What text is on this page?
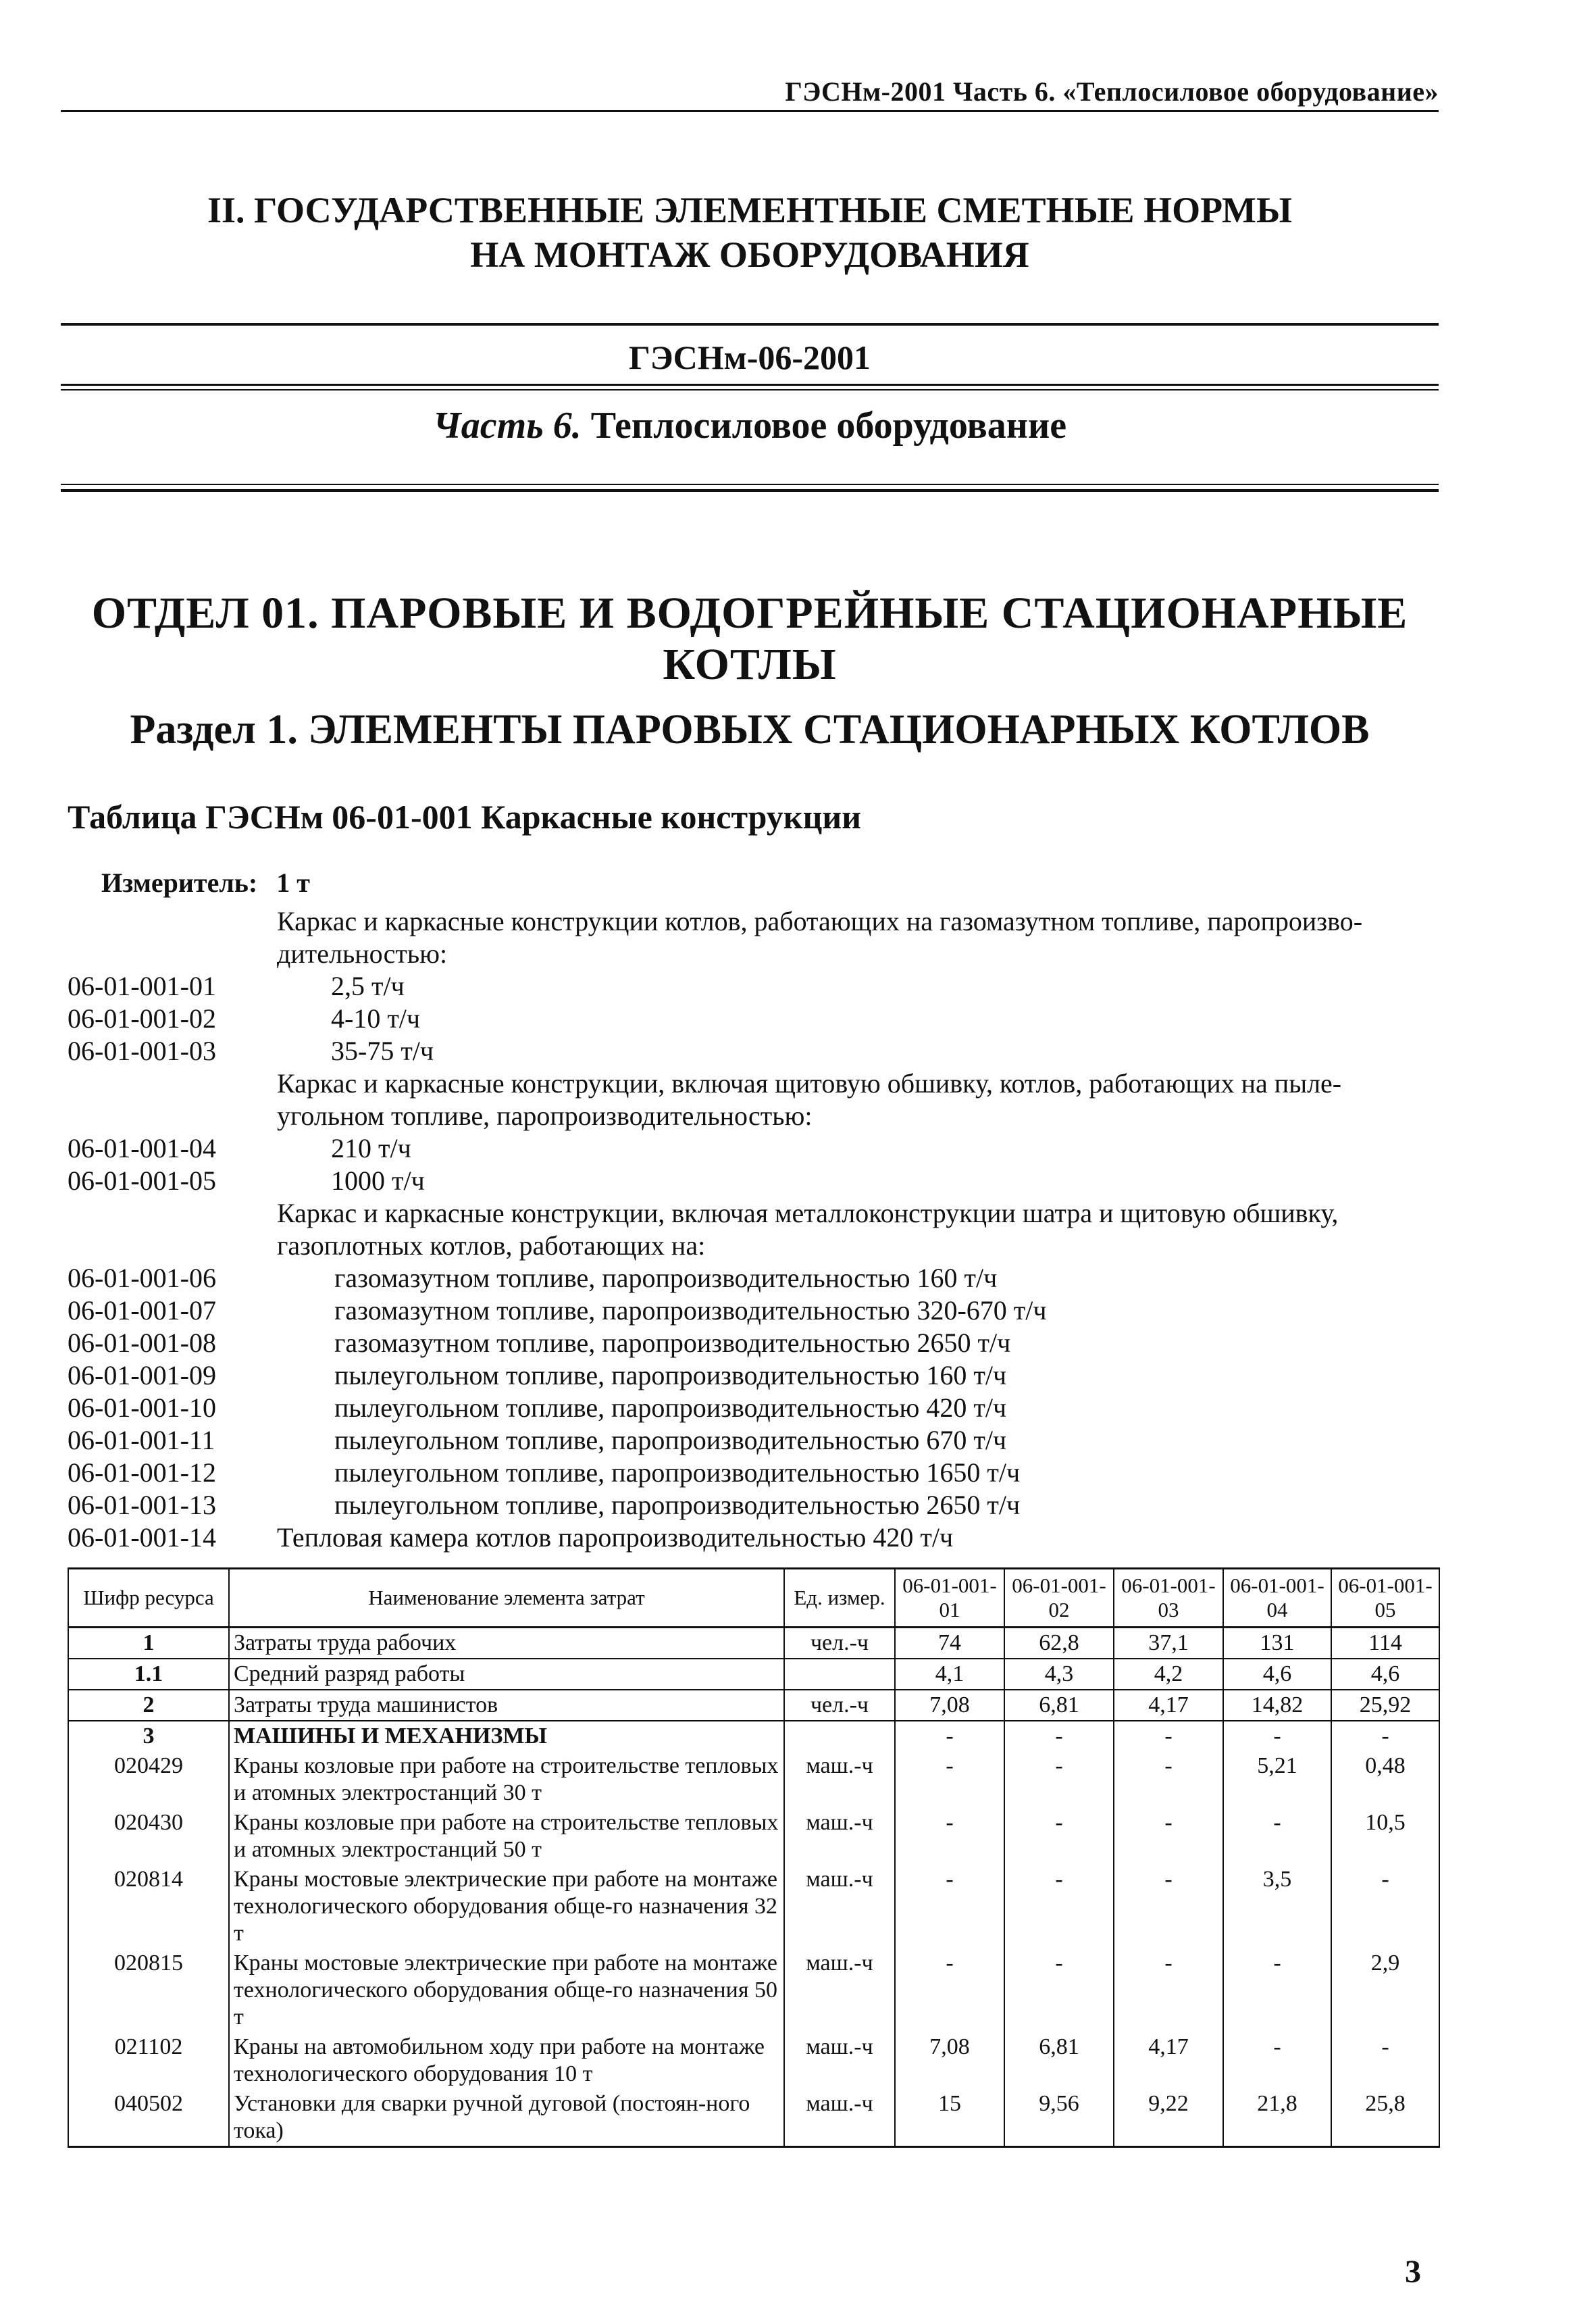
ГЭСНм-2001 Часть 6. «Теплосиловое оборудование»
II. ГОСУДАРСТВЕННЫЕ ЭЛЕМЕНТНЫЕ СМЕТНЫЕ НОРМЫ
НА МОНТАЖ ОБОРУДОВАНИЯ
ГЭСНм-06-2001
Часть 6. Теплосиловое оборудование
ОТДЕЛ 01. ПАРОВЫЕ И ВОДОГРЕЙНЫЕ СТАЦИОНАРНЫЕ КОТЛЫ
Раздел 1. ЭЛЕМЕНТЫ ПАРОВЫХ СТАЦИОНАРНЫХ КОТЛОВ
Таблица ГЭСНм 06-01-001 Каркасные конструкции
Измеритель: 1 т
Каркас и каркасные конструкции котлов, работающих на газомазутном топливе, паропроизво-
дительностью:
06-01-001-01	2,5 т/ч
06-01-001-02	4-10 т/ч
06-01-001-03	35-75 т/ч
Каркас и каркасные конструкции, включая щитовую обшивку, котлов, работающих на пыле-
угольном топливе, паропроизводительностью:
06-01-001-04	210 т/ч
06-01-001-05	1000 т/ч
Каркас и каркасные конструкции, включая металлоконструкции шатра и щитовую обшивку,
газоплотных котлов, работающих на:
06-01-001-06	газомазутном топливе, паропроизводительностью 160 т/ч
06-01-001-07	газомазутном топливе, паропроизводительностью 320-670 т/ч
06-01-001-08	газомазутном топливе, паропроизводительностью 2650 т/ч
06-01-001-09	пылеугольном топливе, паропроизводительностью 160 т/ч
06-01-001-10	пылеугольном топливе, паропроизводительностью 420 т/ч
06-01-001-11	пылеугольном топливе, паропроизводительностью 670 т/ч
06-01-001-12	пылеугольном топливе, паропроизводительностью 1650 т/ч
06-01-001-13	пылеугольном топливе, паропроизводительностью 2650 т/ч
06-01-001-14	Тепловая камера котлов паропроизводительностью 420 т/ч
Шифр ресурса	Наименование элемента затрат	Ед. измер.	06-01-001-01	06-01-001-02	06-01-001-03	06-01-001-04	06-01-001-05
1	Затраты труда рабочих	чел.-ч	74	62,8	37,1	131	114
1.1	Средний разряд работы		4,1	4,3	4,2	4,6	4,6
2	Затраты труда машинистов	чел.-ч	7,08	6,81	4,17	14,82	25,92
3	МАШИНЫ И МЕХАНИЗМЫ		-	-	-	-	-
020429	Краны козловые при работе на строительстве тепловых и атомных электростанций 30 т	маш.-ч	-	-	-	5,21	0,48
020430	Краны козловые при работе на строительстве тепловых и атомных электростанций 50 т	маш.-ч	-	-	-	-	10,5
020814	Краны мостовые электрические при работе на монтаже технологического оборудования обще-го назначения 32 т	маш.-ч	-	-	-	3,5	-
020815	Краны мостовые электрические при работе на монтаже технологического оборудования обще-го назначения 50 т	маш.-ч	-	-	-	-	2,9
021102	Краны на автомобильном ходу при работе на монтаже технологического оборудования 10 т	маш.-ч	7,08	6,81	4,17	-	-
040502	Установки для сварки ручной дуговой (постоян-ного тока)	маш.-ч	15	9,56	9,22	21,8	25,8
3
